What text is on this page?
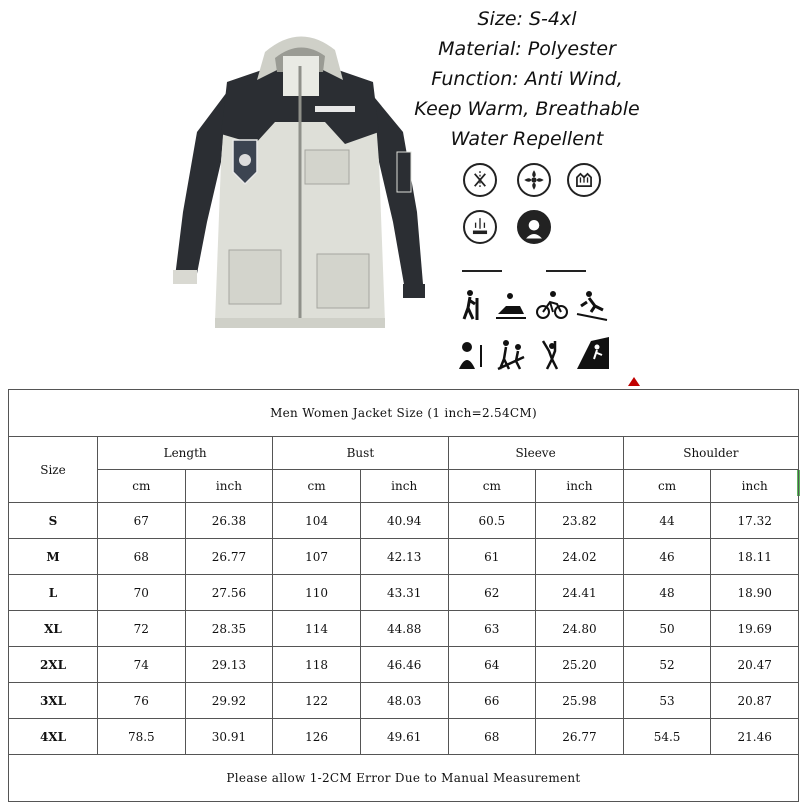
Size: S-4xl
Material: Polyester
Function: Anti Wind,
Keep Warm, Breathable
Water Repellent
Men Women Jacket Size (1 inch=2.54CM)								
Size	Length		Bust		Sleeve		Shoulder	
	cm	inch	cm	inch	cm	inch	cm	inch
S	67	26.38	104	40.94	60.5	23.82	44	17.32
M	68	26.77	107	42.13	61	24.02	46	18.11
L	70	27.56	110	43.31	62	24.41	48	18.90
XL	72	28.35	114	44.88	63	24.80	50	19.69
2XL	74	29.13	118	46.46	64	25.20	52	20.47
3XL	76	29.92	122	48.03	66	25.98	53	20.87
4XL	78.5	30.91	126	49.61	68	26.77	54.5	21.46
Please allow 1-2CM Error Due to Manual Measurement								
